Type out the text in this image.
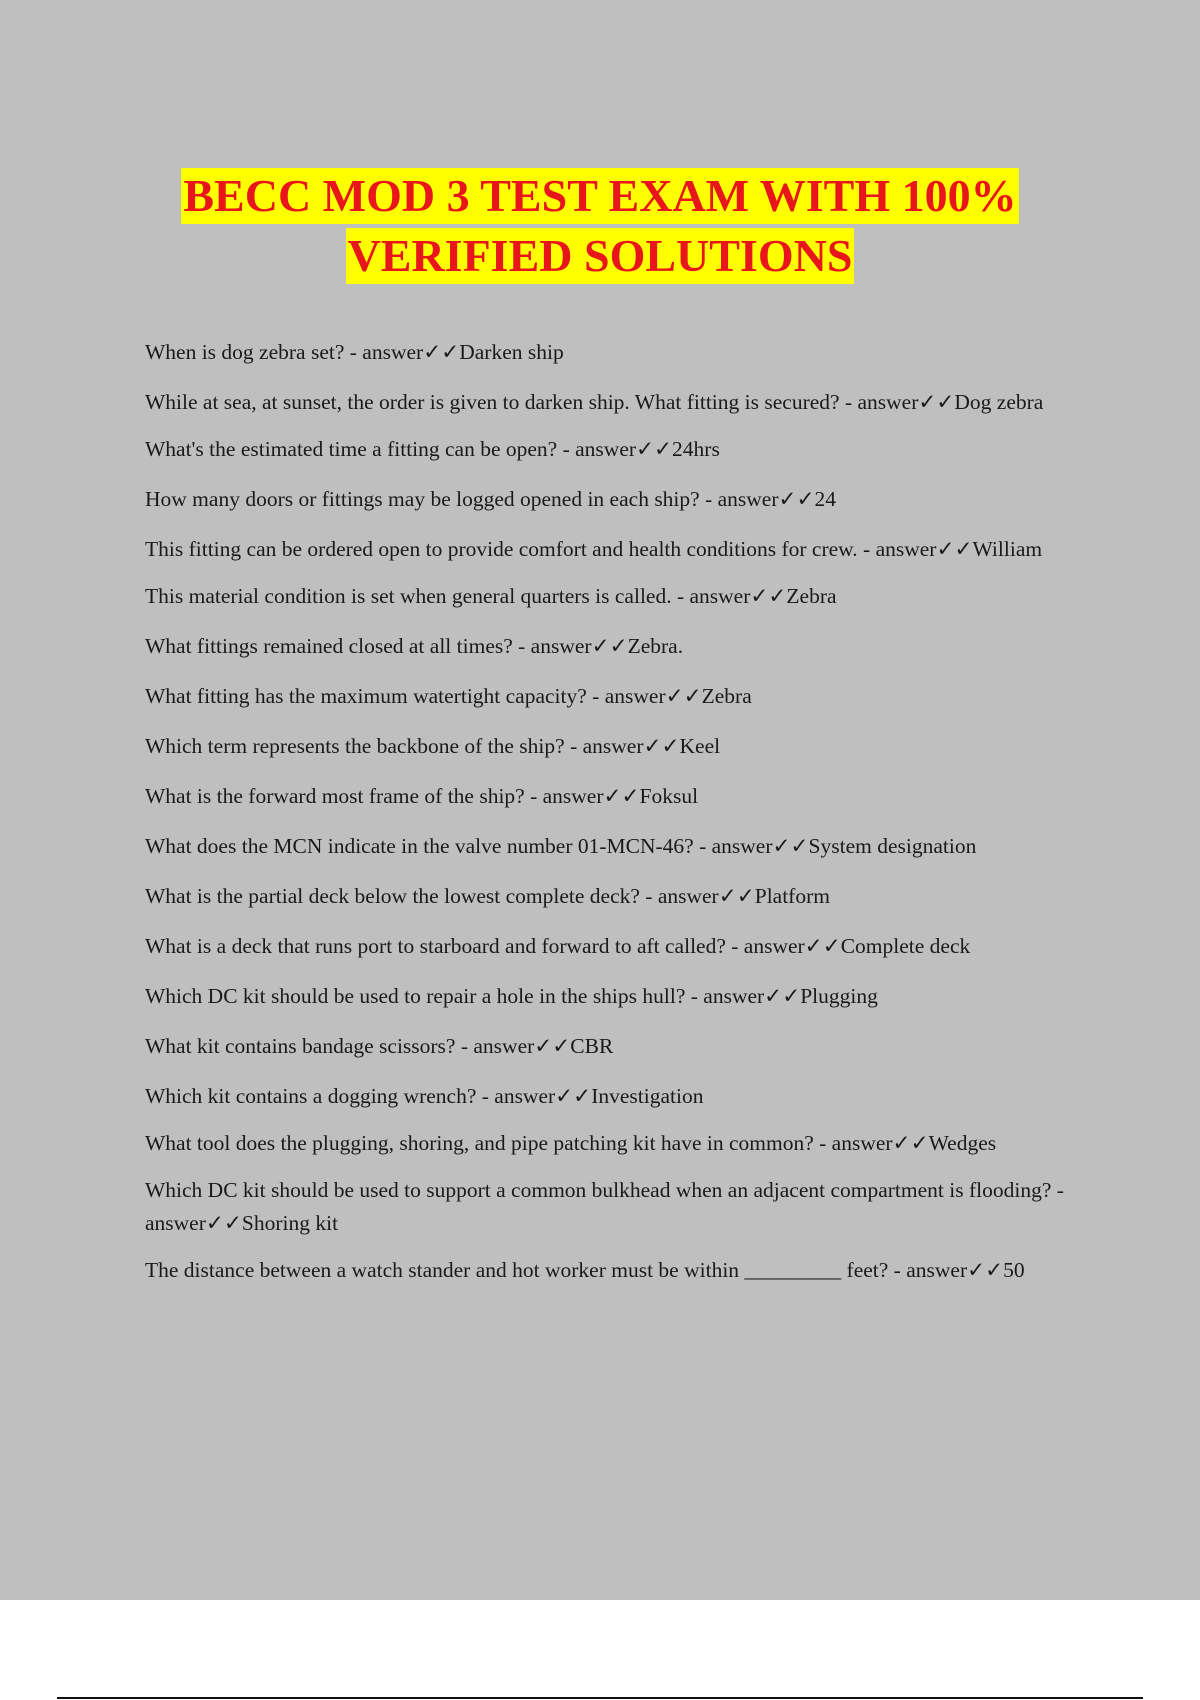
BECC MOD 3 TEST EXAM WITH 100%
VERIFIED SOLUTIONS
When is dog zebra set? - answer✓✓Darken ship
While at sea, at sunset, the order is given to darken ship. What fitting is secured? - answer✓✓Dog zebra
What's the estimated time a fitting can be open? - answer✓✓24hrs
How many doors or fittings may be logged opened in each ship? - answer✓✓24
This fitting can be ordered open to provide comfort and health conditions for crew. - answer✓✓William
This material condition is set when general quarters is called. - answer✓✓Zebra
What fittings remained closed at all times? - answer✓✓Zebra.
What fitting has the maximum watertight capacity? - answer✓✓Zebra
Which term represents the backbone of the ship? - answer✓✓Keel
What is the forward most frame of the ship? - answer✓✓Foksul
What does the MCN indicate in the valve number 01-MCN-46? - answer✓✓System designation
What is the partial deck below the lowest complete deck? - answer✓✓Platform
What is a deck that runs port to starboard and forward to aft called? - answer✓✓Complete deck
Which DC kit should be used to repair a hole in the ships hull? - answer✓✓Plugging
What kit contains bandage scissors? - answer✓✓CBR
Which kit contains a dogging wrench? - answer✓✓Investigation
What tool does the plugging, shoring, and pipe patching kit have in common? - answer✓✓Wedges
Which DC kit should be used to support a common bulkhead when an adjacent compartment is flooding? - answer✓✓Shoring kit
The distance between a watch stander and hot worker must be within _________ feet? - answer✓✓50
